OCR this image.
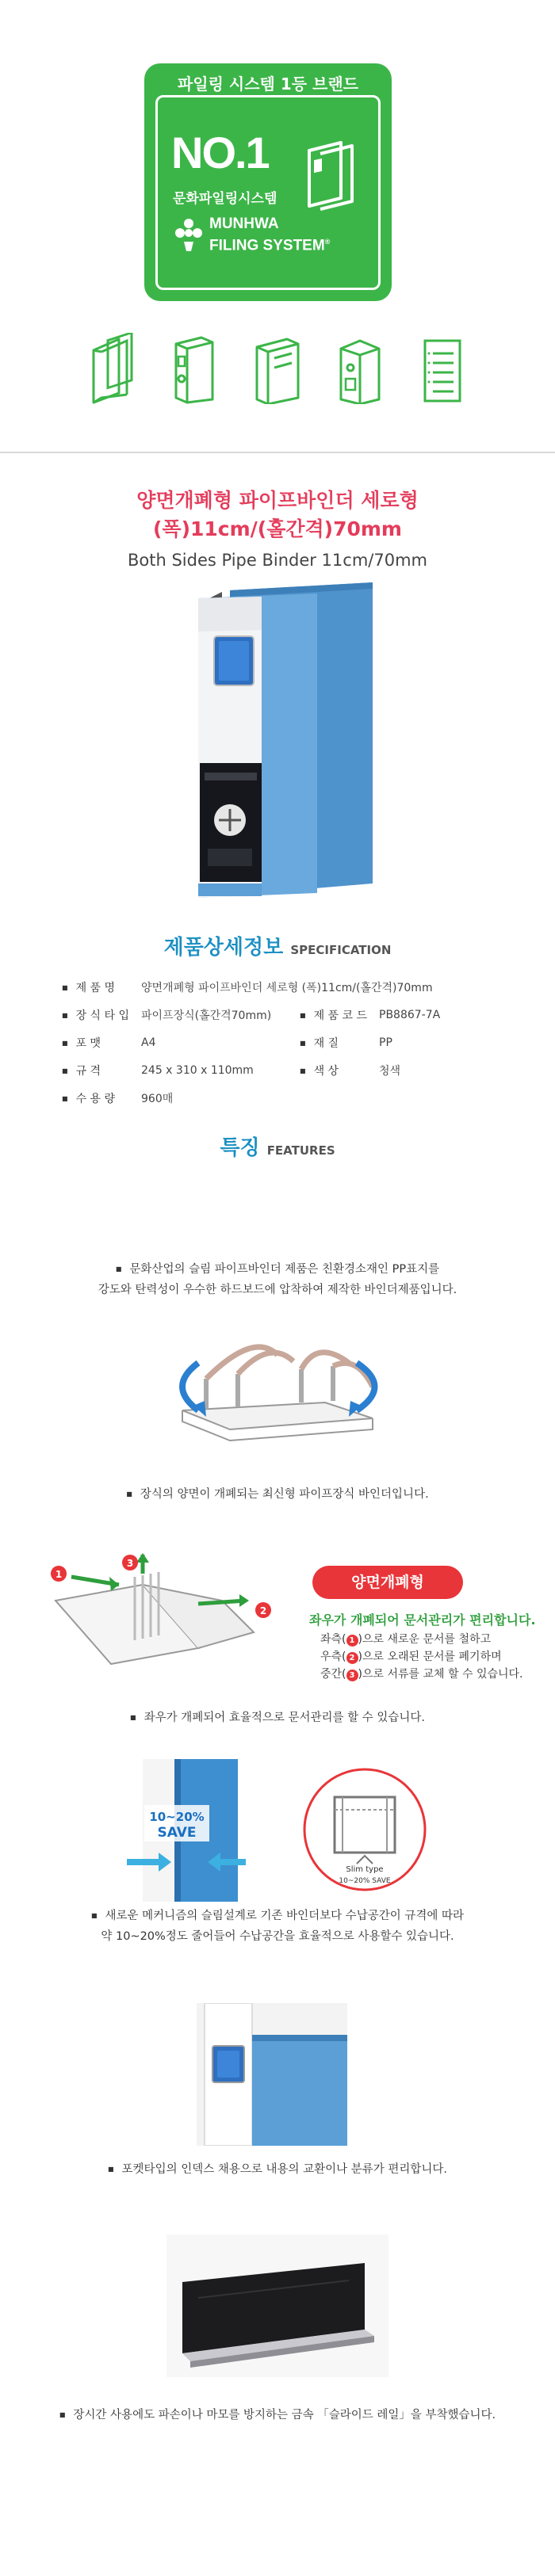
파일링 시스템 1등 브랜드
NO.1
문화파일링시스템
MUNHWA
FILING SYSTEM®
양면개폐형 파이프바인더 세로형
(폭)11cm/(홀간격)70mm
Both Sides Pipe Binder 11cm/70mm
제품상세정보 SPECIFICATION
■ 제 품 명	양면개폐형 파이프바인더 세로형 (폭)11cm/(홀간격)70mm
■ 장 식 타 입	파이프장식(홀간격70mm)	■ 제 품 코 드	PB8867-7A
■ 포 맷	A4	■ 재 질	PP
■ 규 격	245 x 310 x 110mm	■ 색 상	청색
■ 수 용 량	960매
특징 FEATURES
■ 문화산업의 슬림 파이프바인더 제품은 친환경소재인 PP표지를
강도와 탄력성이 우수한 하드보드에 압착하여 제작한 바인더제품입니다.
■ 장식의 양면이 개폐되는 최신형 파이프장식 바인더입니다.
1
3
2
양면개폐형
좌우가 개폐되어 문서관리가 편리합니다.
좌측( 1 )으로 새로운 문서를 철하고
우측( 2 )으로 오래된 문서를 폐기하며
중간( 3 )으로 서류를 교체 할 수 있습니다.
■ 좌우가 개폐되어 효율적으로 문서관리를 할 수 있습니다.
10~20%
SAVE
Slim type
10~20% SAVE
■ 새로운 메커니즘의 슬림설계로 기존 바인더보다 수납공간이 규격에 따라
약 10~20%정도 줄어들어 수납공간을 효율적으로 사용할수 있습니다.
■ 포켓타입의 인덱스 채용으로 내용의 교환이나 분류가 편리합니다.
■ 장시간 사용에도 파손이나 마모를 방지하는 금속 「슬라이드 레일」을 부착했습니다.
